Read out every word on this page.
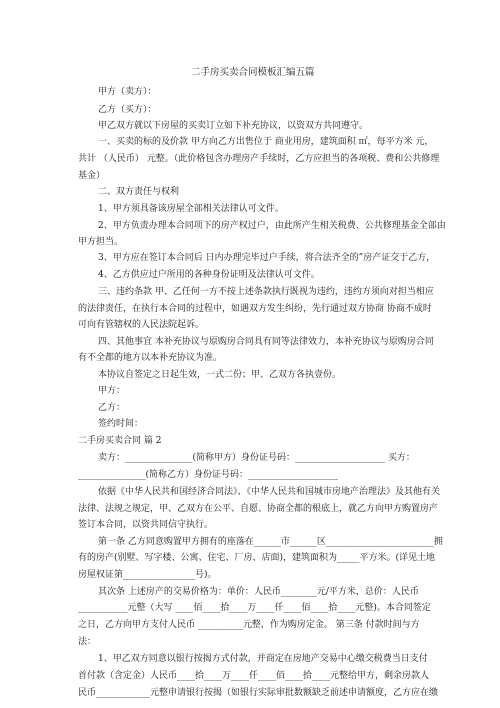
二手房买卖合同模板汇编五篇
甲方（卖方）：
乙方（买方）：
甲乙双方就以下房屋的买卖订立如下补充协议，以资双方共同遵守。
一、买卖的标的及价款 甲方向乙方出售位于 商业用房，建筑面积 ㎡，每平方米 元，
共计 （人民币） 元整。（此价格包含办理房产手续时，乙方应担当的各项税、费和公共修理
基金）
二、双方责任与权利
1、甲方须具备该房屋全部相关法律认可文件。
2、甲方负责办理本合同项下的房产权过户，由此所产生相关税费、公共修理基金全部由
甲方担当。
3、甲方应在签订本合同后 日内办理完毕过户手续，将合法齐全的”房产证交于乙方，
4、乙方供应过户所用的各种身份证明及法律认可文件。
三、违约条款 甲、乙任何一方不按上述条款执行既视为违约，违约方须向对担当相应
的法律责任，在执行本合同的过程中，如遇双方发生纠纷，先行通过双方协商 协商不成时
可向有管辖权的人民法院起诉。
四、其他事宜 本补充协议与原购房合同具有同等法律效力，本补充协议与原购房合同
有不全都的地方以本补充协议为准。
本协议自签定之日起生效，一式二份；甲、乙双方各执壹份。
甲方：
乙方：
签约时间：
二手房买卖合同 篇 2
卖方：_______________(简称甲方）身份证号码：____________________ 买方：
_______________(简称乙方）身份证号码：____________________
依据《中华人民共和国经济合同法》、《中华人民共和国城市房地产治理法》及其他有关
法律、法规之规定，甲、乙双方在公平、自愿、协商全都的根底上，就乙方向甲方购置房产
签订本合同，以资共同信守执行。
第一条 乙方同意购置甲方拥有的座落在______市______区________________________拥
有的房产(别墅、写字楼、公寓、住宅、厂房、店面)，建筑面积为_____平方米。(详见土地
房屋权证第________________号)。
其次条 上述房产的交易价格为：单价：人民币________元/平方米，总价：人民币
___________元整（大写 ____佰____拾____万____仟____佰____拾____元整)。本合同签定
之日，乙方向甲方支付人民币 __________元整，作为购房定金。 第三条 付款时间与方
法：
1、甲乙双方同意以银行按揭方式付款，并商定在房地产交易中心缴交税费当日支付
首付款（含定金）人民币____拾____万____仟____佰____拾____元整给甲方，剩余房款人
民币____________元整申请银行按揭（如银行实际审批数额缺乏前述申请额度，乙方应在缴
